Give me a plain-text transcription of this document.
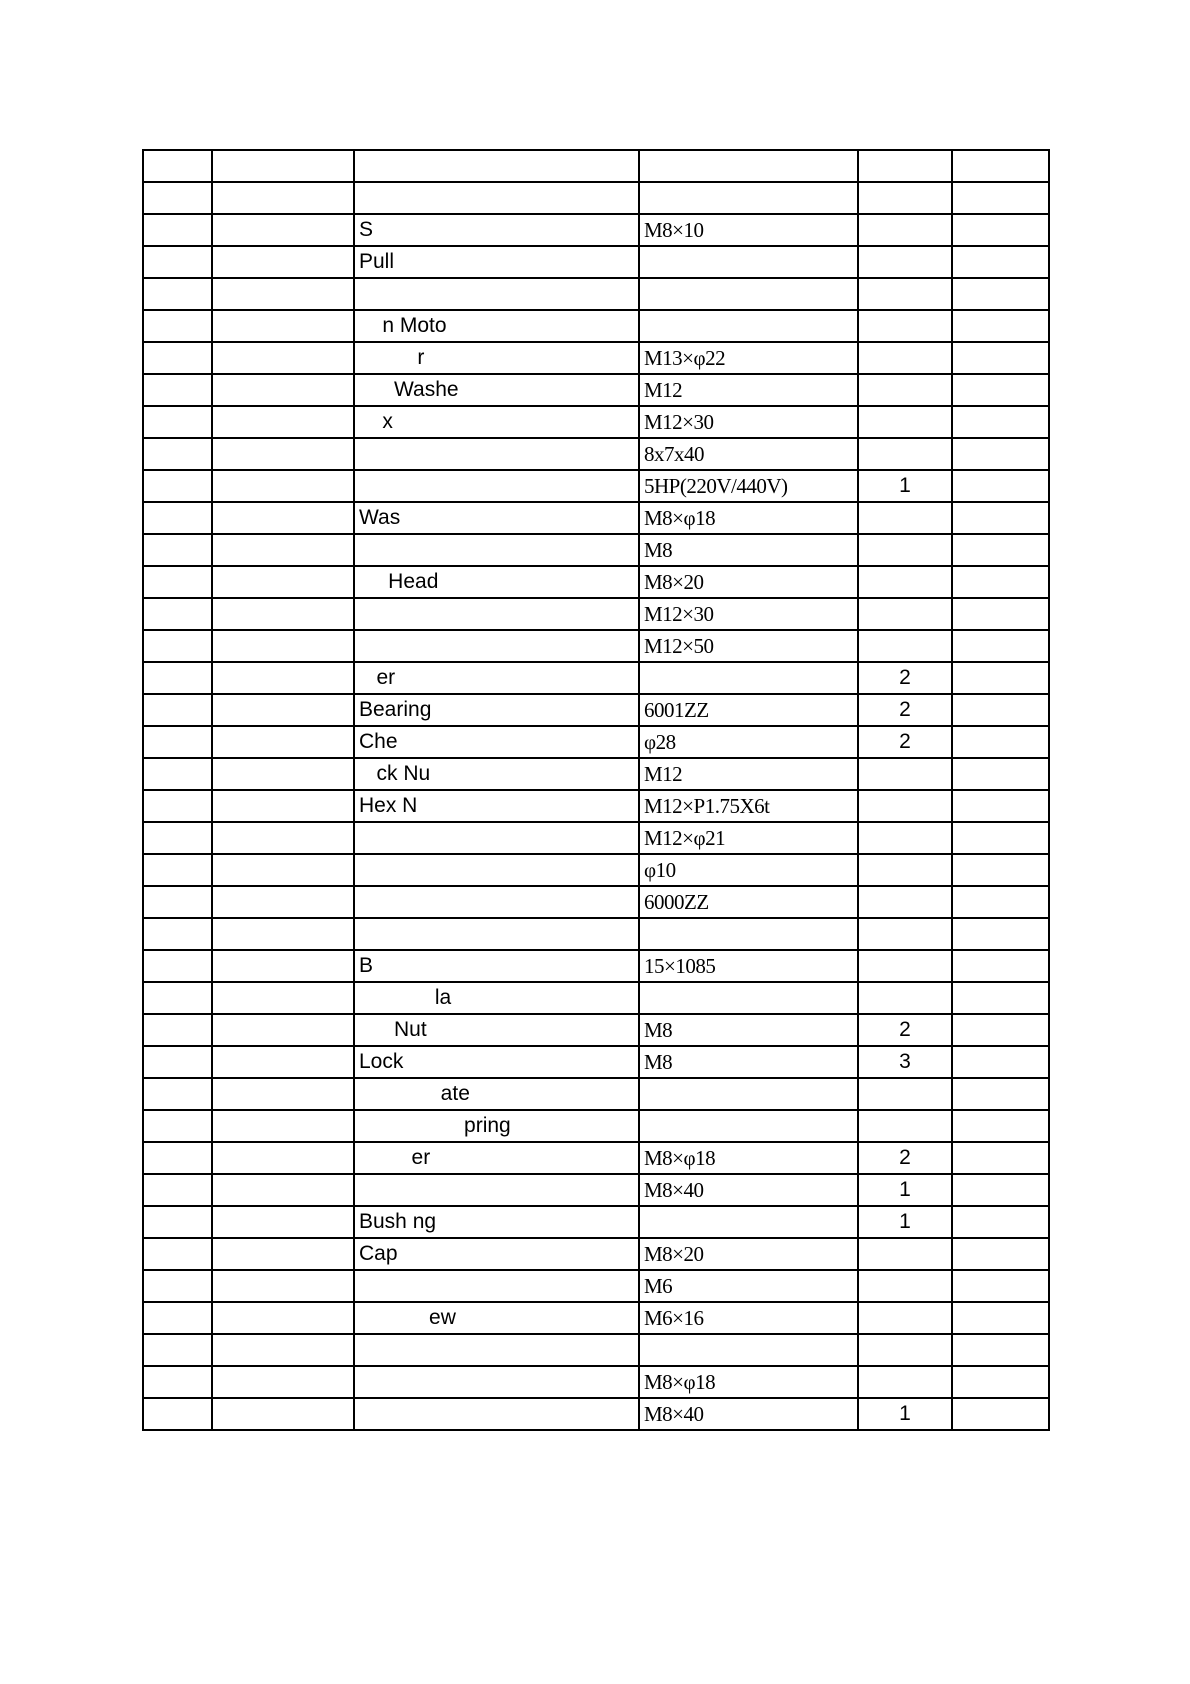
		S	M8×10		
		Pull			

		n Moto			
		r	M13×φ22		
		Washe	M12		
		x	M12×30		
			8x7x40		
			5HP(220V/440V)	1	
		Was	M8×φ18		
			M8		
		Head	M8×20		
			M12×30		
			M12×50		
		er		2	
		Bearing	6001ZZ	2	
		Che	φ28	2	
		ck Nu	M12		
		Hex N	M12×P1.75X6t		
			M12×φ21		
			φ10		
			6000ZZ		

		B	15×1085		
		la			
		Nut	M8	2	
		Lock	M8	3	
		ate			
		pring			
		er	M8×φ18	2	
			M8×40	1	
		Bush ng		1	
		Cap	M8×20		
			M6		
		ew	M6×16		

			M8×φ18		
			M8×40	1	
